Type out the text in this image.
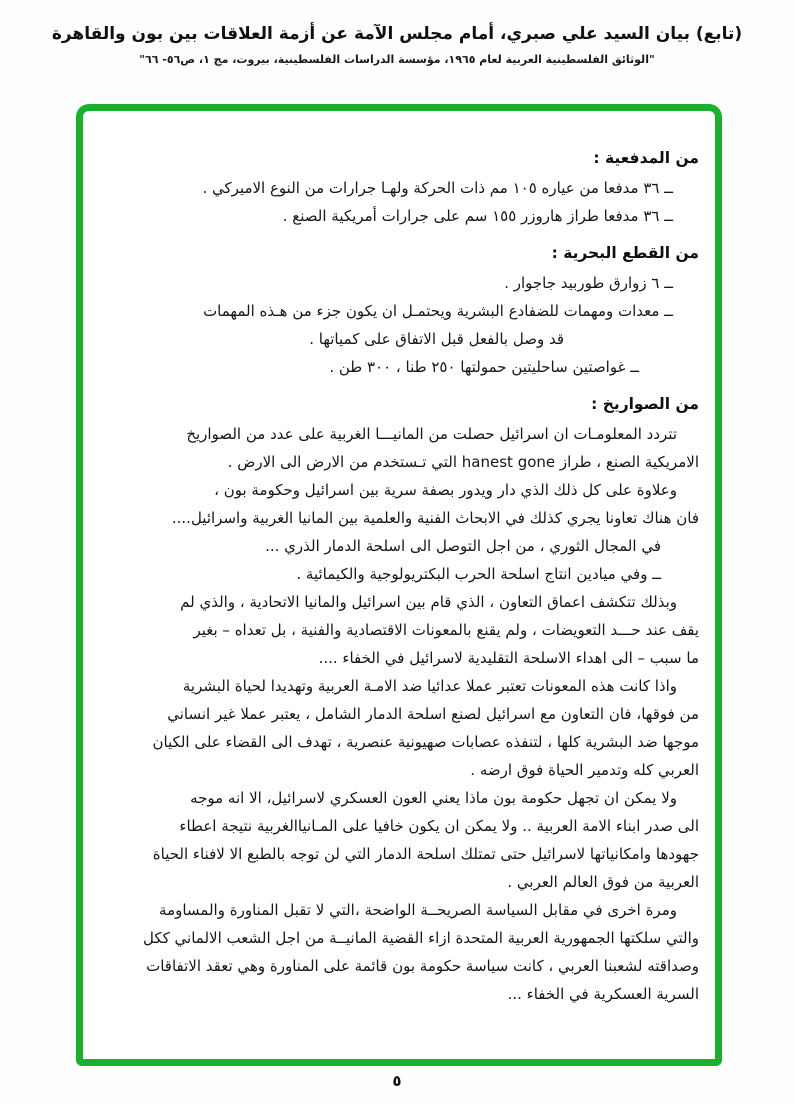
(تابع) بيان السيد علي صبري، أمام مجلس الآمة عن أزمة العلاقات بين بون والقاهرة
"الوثائق الفلسطينية العربية لعام ١٩٦٥، مؤسسة الدراسات الفلسطينية، بيروت، مج ١، ص٥٦- ٦٦"
من المدفعية :
ــ ٣٦ مدفعا من عياره ١٠٥ مم ذات الحركة ولهـا جرارات من النوع الاميركي .
ــ ٣٦ مدفعا طراز هاروزر ١٥٥ سم على جرارات أمريكية الصنع .
من القطع البحرية :
ــ ٦ زوارق طوربيد جاجوار .
ــ معدات ومهمات للضفادع البشرية ويحتمـل ان يكون جزء من هـذه المهمات
قد وصل بالفعل قبل الاتفاق على كمياتها .
ــ غواصتين ساحليتين حمولتها ٢٥٠ طنا ، ٣٠٠ طن .
من الصواريخ :
تتردد المعلومـات ان اسرائيل حصلت من المانيـــا الغربية على عدد من الصواريخ
الامريكية الصنع ، طراز hanest gone التي تـستخدم من الارض الى الارض .
وعلاوة على كل ذلك الذي دار ويدور بصفة سرية بين اسرائيل وحكومة بون ،
فان هناك تعاونا يجري كذلك في الابحاث الفنية والعلمية بين المانيا الغربية واسرائيل....
في المجال الثوري ، من اجل التوصل الى اسلحة الدمار الذري ...
ــ وفي ميادين انتاج اسلحة الحرب البكتريولوجية والكيمائية .
وبذلك تتكشف اعماق التعاون ، الذي قام بين اسرائيل والمانيا الاتحادية ، والذي لم
يقف عند حـــد التعويضات ، ولم يقنع بالمعونات الاقتصادية والفنية ، بل تعداه – بغير
ما سبب – الى اهداء الاسلحة التقليدية لاسرائيل في الخفاء ....
واذا كانت هذه المعونات تعتبر عملا عدائيا ضد الامـة العربية وتهديدا لحياة البشرية
من فوقها، فان التعاون مع اسرائيل لصنع اسلحة الدمار الشامل ، يعتبر عملا غير انساني
موجها ضد البشرية كلها ، لتنفذه عصابات صهيونية عنصرية ، تهدف الى القضاء على الكيان
العربي كله وتدمير الحياة فوق ارضه .
ولا يمكن ان تجهل حكومة بون ماذا يعني العون العسكري لاسرائيل، الا انه موجه
الى صدر ابناء الامة العربية .. ولا يمكن ان يكون خافيا على المـانياالغربية نتيجة اعطاء
جهودها وامكانياتها لاسرائيل حتى تمتلك اسلحة الدمار التي لن توجه بالطبع الا لافناء الحياة
العربية من فوق العالم العربي .
ومرة اخرى في مقابل السياسة الصريحــة الواضحة ،التي لا تقبل المناورة والمساومة
والتي سلكتها الجمهورية العربية المتحدة ازاء القضية المانيــة من اجل الشعب الالماني ككل
وصداقته لشعبنا العربي ، كانت سياسة حكومة بون قائمة على المناورة وهي تعقد الاتفاقات
السرية العسكرية في الخفاء ...
٥
